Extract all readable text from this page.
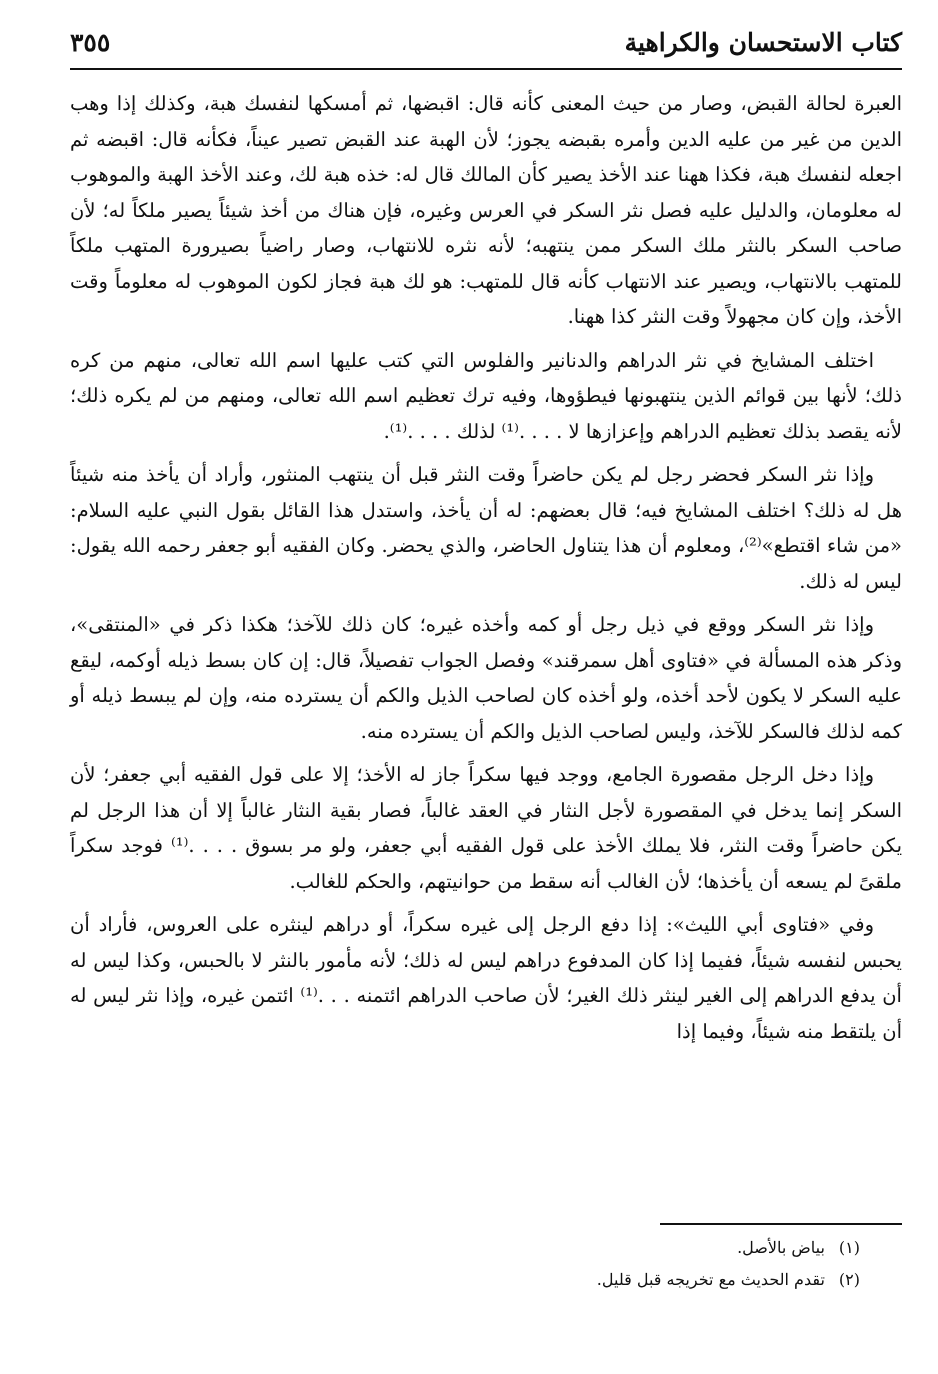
كتاب الاستحسان والكراهية
٣٥٥

العبرة لحالة القبض، وصار من حيث المعنى كأنه قال: اقبضها، ثم أمسكها لنفسك هبة، وكذلك إذا وهب الدين من غير من عليه الدين وأمره بقبضه يجوز؛ لأن الهبة عند القبض تصير عيناً، فكأنه قال: اقبضه ثم اجعله لنفسك هبة، فكذا ههنا عند الأخذ يصير كأن المالك قال له: خذه هبة لك، وعند الأخذ الهبة والموهوب له معلومان، والدليل عليه فصل نثر السكر في العرس وغيره، فإن هناك من أخذ شيئاً يصير ملكاً له؛ لأن صاحب السكر بالنثر ملك السكر ممن ينتهبه؛ لأنه نثره للانتهاب، وصار راضياً بصيرورة المتهب ملكاً للمتهب بالانتهاب، ويصير عند الانتهاب كأنه قال للمتهب: هو لك هبة فجاز لكون الموهوب له معلوماً وقت الأخذ، وإن كان مجهولاً وقت النثر كذا ههنا.

اختلف المشايخ في نثر الدراهم والدنانير والفلوس التي كتب عليها اسم الله تعالى، منهم من كره ذلك؛ لأنها بين قوائم الذين ينتهبونها فيطؤوها، وفيه ترك تعظيم اسم الله تعالى، ومنهم من لم يكره ذلك؛ لأنه يقصد بذلك تعظيم الدراهم وإعزازها لا . . . .⁽¹⁾ لذلك . . . .⁽¹⁾.

وإذا نثر السكر فحضر رجل لم يكن حاضراً وقت النثر قبل أن ينتهب المنثور، وأراد أن يأخذ منه شيئاً هل له ذلك؟ اختلف المشايخ فيه؛ قال بعضهم: له أن يأخذ، واستدل هذا القائل بقول النبي عليه السلام: «من شاء اقتطع»⁽²⁾، ومعلوم أن هذا يتناول الحاضر، والذي يحضر. وكان الفقيه أبو جعفر رحمه الله يقول: ليس له ذلك.

وإذا نثر السكر ووقع في ذيل رجل أو كمه وأخذه غيره؛ كان ذلك للآخذ؛ هكذا ذكر في «المنتقى»، وذكر هذه المسألة في «فتاوى أهل سمرقند» وفصل الجواب تفصيلاً، قال: إن كان بسط ذيله أوكمه، ليقع عليه السكر لا يكون لأحد أخذه، ولو أخذه كان لصاحب الذيل والكم أن يسترده منه، وإن لم يبسط ذيله أو كمه لذلك فالسكر للآخذ، وليس لصاحب الذيل والكم أن يسترده منه.

وإذا دخل الرجل مقصورة الجامع، ووجد فيها سكراً جاز له الأخذ؛ إلا على قول الفقيه أبي جعفر؛ لأن السكر إنما يدخل في المقصورة لأجل النثار في العقد غالباً، فصار بقية النثار غالباً إلا أن هذا الرجل لم يكن حاضراً وقت النثر، فلا يملك الأخذ على قول الفقيه أبي جعفر، ولو مر بسوق . . . .⁽¹⁾ فوجد سكراً ملقىً لم يسعه أن يأخذها؛ لأن الغالب أنه سقط من حوانيتهم، والحكم للغالب.

وفي «فتاوى أبي الليث»: إذا دفع الرجل إلى غيره سكراً، أو دراهم لينثره على العروس، فأراد أن يحبس لنفسه شيئاً، ففيما إذا كان المدفوع دراهم ليس له ذلك؛ لأنه مأمور بالنثر لا بالحبس، وكذا ليس له أن يدفع الدراهم إلى الغير لينثر ذلك الغير؛ لأن صاحب الدراهم ائتمنه . . .⁽¹⁾ ائتمن غيره، وإذا نثر ليس له أن يلتقط منه شيئاً، وفيما إذا

(١) بياض بالأصل.
(٢) تقدم الحديث مع تخريجه قبل قليل.
